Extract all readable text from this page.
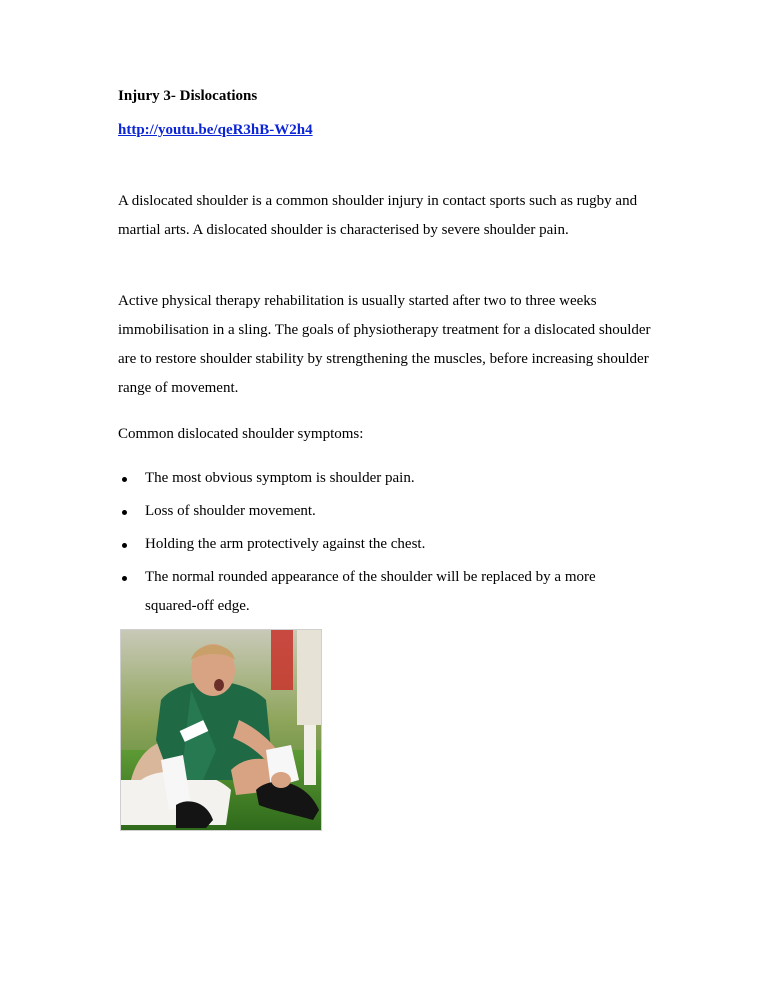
Injury 3- Dislocations
http://youtu.be/qeR3hB-W2h4

A dislocated shoulder is a common shoulder injury in contact sports such as rugby and martial arts. A dislocated shoulder is characterised by severe shoulder pain.

Active physical therapy rehabilitation is usually started after two to three weeks immobilisation in a sling. The goals of physiotherapy treatment for a dislocated shoulder are to restore shoulder stability by strengthening the muscles, before increasing shoulder range of movement.

Common dislocated shoulder symptoms:

The most obvious symptom is shoulder pain.
Loss of shoulder movement.
Holding the arm protectively against the chest.
The normal rounded appearance of the shoulder will be replaced by a more squared-off edge.
